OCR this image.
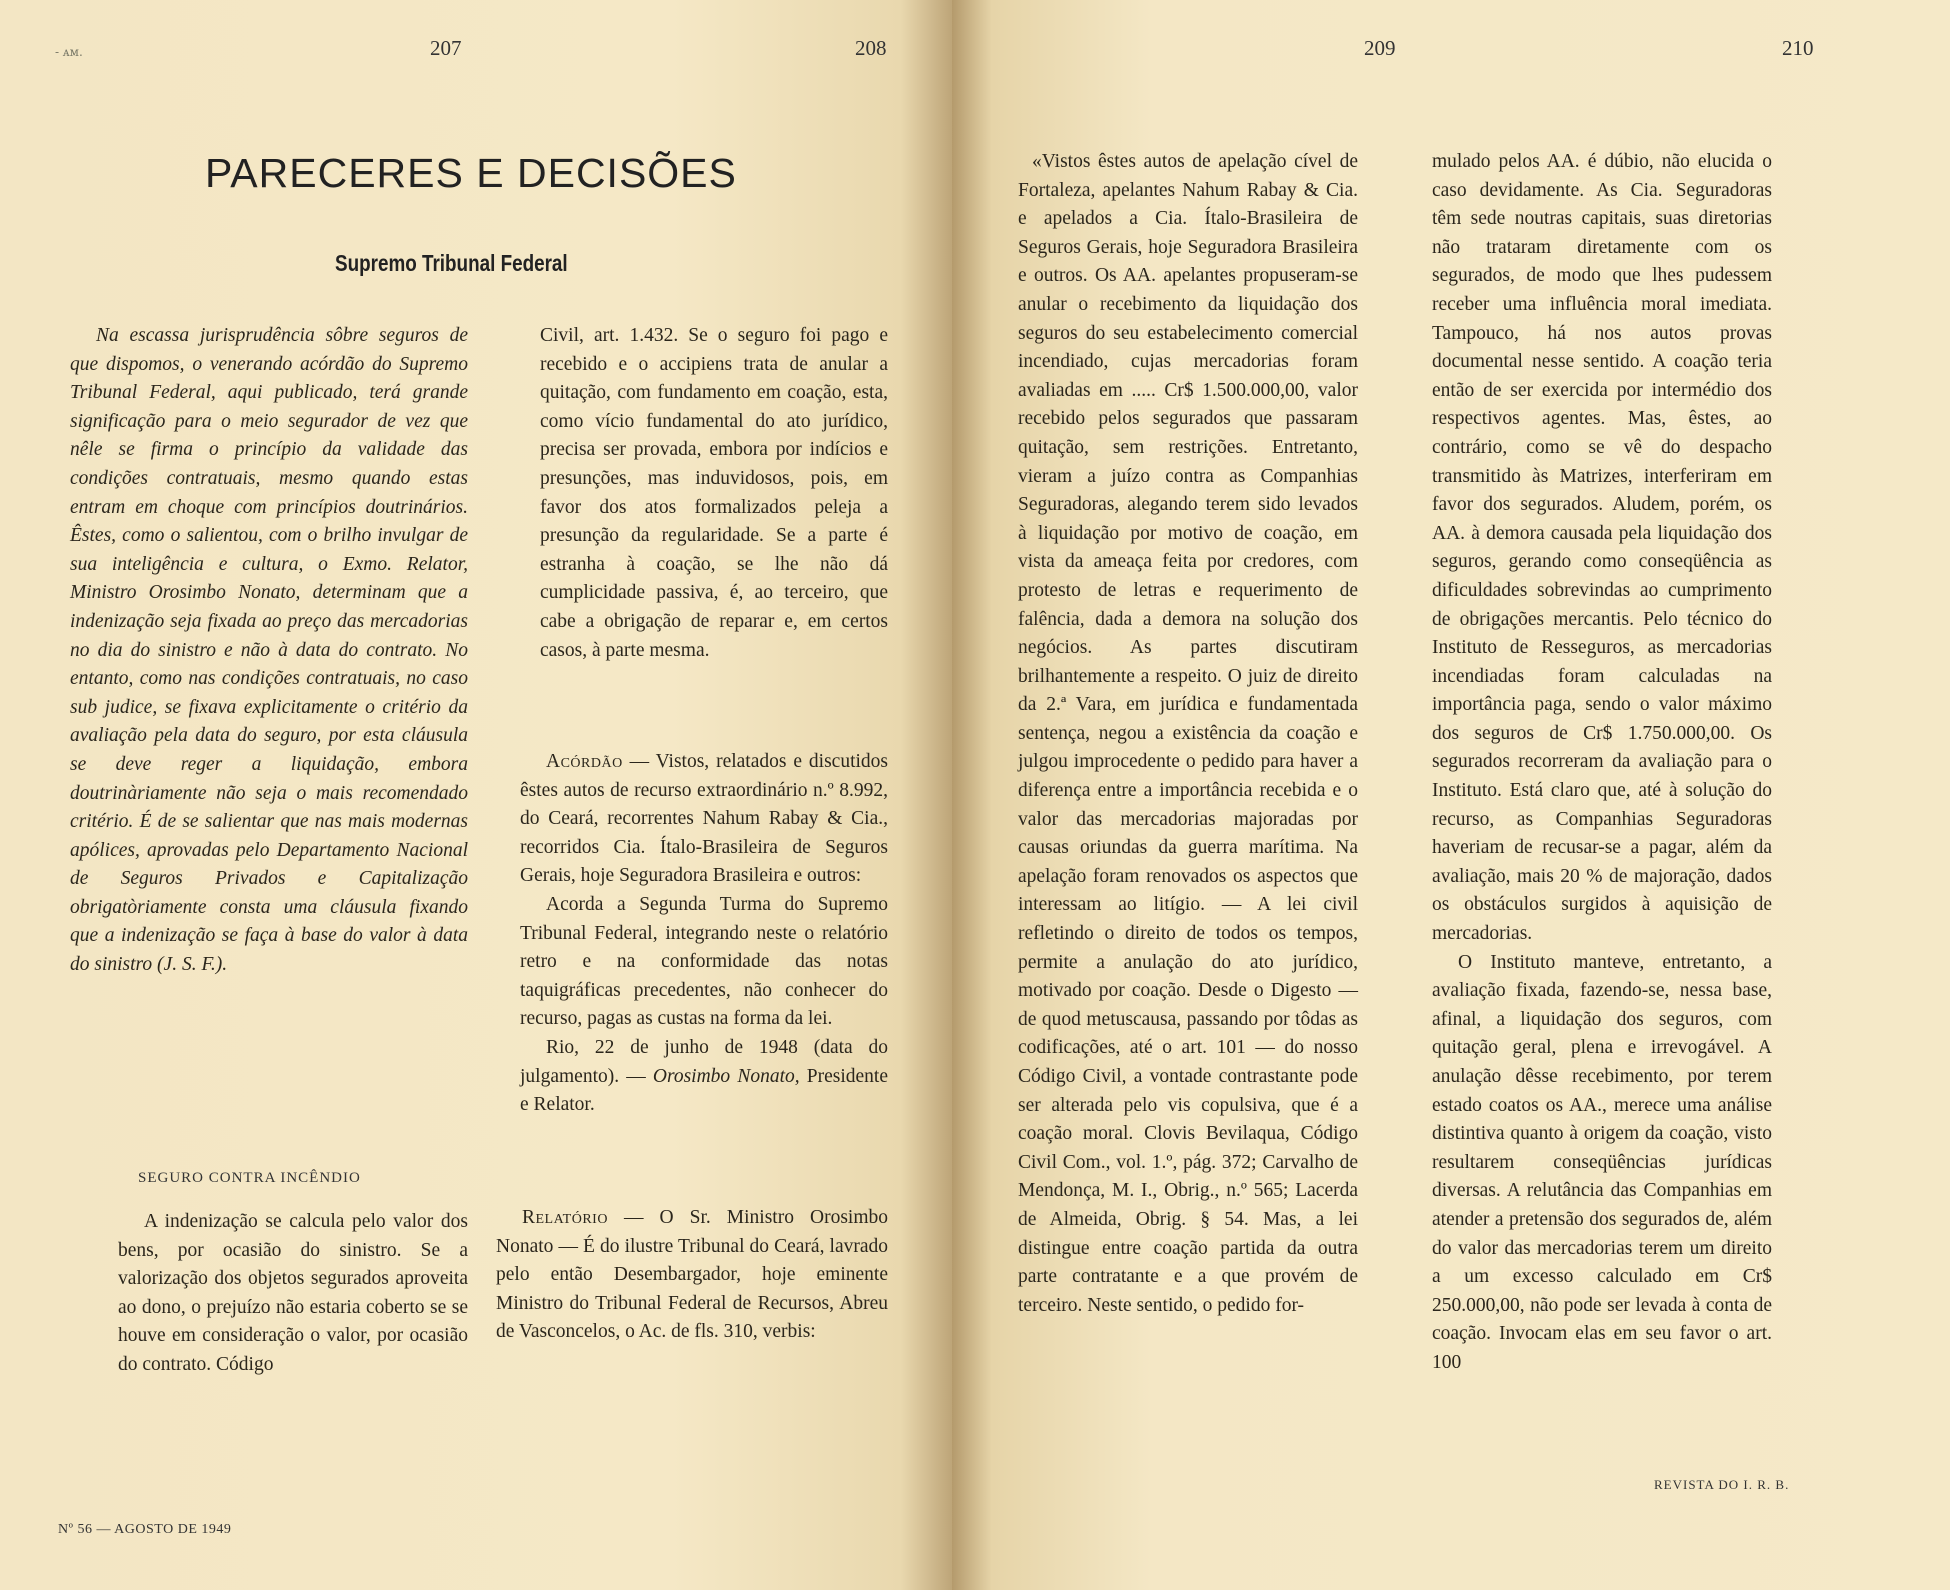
- ᴀᴍ.	207	208
PARECERES E DECISÕES
Supremo Tribunal Federal

Na escassa jurisprudência sôbre seguros de que dispomos, o venerando acórdão do Supremo Tribunal Federal, aqui publicado, terá grande significação para o meio segurador de vez que nêle se firma o princípio da validade das condições contratuais, mesmo quando estas entram em choque com princípios doutrinários. Êstes, como o salientou, com o brilho invulgar de sua inteligência e cultura, o Exmo. Relator, Ministro Orosimbo Nonato, determinam que a indenização seja fixada ao preço das mercadorias no dia do sinistro e não à data do contrato. No entanto, como nas condições contratuais, no caso sub judice, se fixava explicitamente o critério da avaliação pela data do seguro, por esta cláusula se deve reger a liquidação, embora doutrinàriamente não seja o mais recomendado critério. É de se salientar que nas mais modernas apólices, aprovadas pelo Departamento Nacional de Seguros Privados e Capitalização obrigatòriamente consta uma cláusula fixando que a indenização se faça à base do valor à data do sinistro (J. S. F.).

SEGURO CONTRA INCÊNDIO

A indenização se calcula pelo valor dos bens, por ocasião do sinistro. Se a valorização dos objetos segurados aproveita ao dono, o prejuízo não estaria coberto se se houve em consideração o valor, por ocasião do contrato. Código

Civil, art. 1.432. Se o seguro foi pago e recebido e o accipiens trata de anular a quitação, com fundamento em coação, esta, como vício fundamental do ato jurídico, precisa ser provada, embora por indícios e presunções, mas induvidosos, pois, em favor dos atos formalizados peleja a presunção da regularidade. Se a parte é estranha à coação, se lhe não dá cumplicidade passiva, é, ao terceiro, que cabe a obrigação de reparar e, em certos casos, à parte mesma.

Acórdão — Vistos, relatados e discutidos êstes autos de recurso extraordinário n.º 8.992, do Ceará, recorrentes Nahum Rabay & Cia., recorridos Cia. Ítalo-Brasileira de Seguros Gerais, hoje Seguradora Brasileira e outros:

Acorda a Segunda Turma do Supremo Tribunal Federal, integrando neste o relatório retro e na conformidade das notas taquigráficas precedentes, não conhecer do recurso, pagas as custas na forma da lei.

Rio, 22 de junho de 1948 (data do julgamento). — Orosimbo Nonato, Presidente e Relator.

Relatório — O Sr. Ministro Orosimbo Nonato — É do ilustre Tribunal do Ceará, lavrado pelo então Desembargador, hoje eminente Ministro do Tribunal Federal de Recursos, Abreu de Vasconcelos, o Ac. de fls. 310, verbis:

Nº 56 — AGOSTO DE 1949
209	210

«Vistos êstes autos de apelação cível de Fortaleza, apelantes Nahum Rabay & Cia. e apelados a Cia. Ítalo-Brasileira de Seguros Gerais, hoje Seguradora Brasileira e outros. Os AA. apelantes propuseram-se anular o recebimento da liquidação dos seguros do seu estabelecimento comercial incendiado, cujas mercadorias foram avaliadas em ..... Cr$ 1.500.000,00, valor recebido pelos segurados que passaram quitação, sem restrições. Entretanto, vieram a juízo contra as Companhias Seguradoras, alegando terem sido levados à liquidação por motivo de coação, em vista da ameaça feita por credores, com protesto de letras e requerimento de falência, dada a demora na solução dos negócios. As partes discutiram brilhantemente a respeito. O juiz de direito da 2.ª Vara, em jurídica e fundamentada sentença, negou a existência da coação e julgou improcedente o pedido para haver a diferença entre a importância recebida e o valor das mercadorias majoradas por causas oriundas da guerra marítima. Na apelação foram renovados os aspectos que interessam ao litígio. — A lei civil refletindo o direito de todos os tempos, permite a anulação do ato jurídico, motivado por coação. Desde o Digesto — de quod metuscausa, passando por tôdas as codificações, até o art. 101 — do nosso Código Civil, a vontade contrastante pode ser alterada pelo vis copulsiva, que é a coação moral. Clovis Bevilaqua, Código Civil Com., vol. 1.º, pág. 372; Carvalho de Mendonça, M. I., Obrig., n.º 565; Lacerda de Almeida, Obrig. § 54. Mas, a lei distingue entre coação partida da outra parte contratante e a que provém de terceiro. Neste sentido, o pedido for-

mulado pelos AA. é dúbio, não elucida o caso devidamente. As Cia. Seguradoras têm sede noutras capitais, suas diretorias não trataram diretamente com os segurados, de modo que lhes pudessem receber uma influência moral imediata. Tampouco, há nos autos provas documental nesse sentido. A coação teria então de ser exercida por intermédio dos respectivos agentes. Mas, êstes, ao contrário, como se vê do despacho transmitido às Matrizes, interferiram em favor dos segurados. Aludem, porém, os AA. à demora causada pela liquidação dos seguros, gerando como conseqüência as dificuldades sobrevindas ao cumprimento de obrigações mercantis. Pelo técnico do Instituto de Resseguros, as mercadorias incendiadas foram calculadas na importância paga, sendo o valor máximo dos seguros de Cr$ 1.750.000,00. Os segurados recorreram da avaliação para o Instituto. Está claro que, até à solução do recurso, as Companhias Seguradoras haveriam de recusar-se a pagar, além da avaliação, mais 20 % de majoração, dados os obstáculos surgidos à aquisição de mercadorias.

O Instituto manteve, entretanto, a avaliação fixada, fazendo-se, nessa base, afinal, a liquidação dos seguros, com quitação geral, plena e irrevogável. A anulação dêsse recebimento, por terem estado coatos os AA., merece uma análise distintiva quanto à origem da coação, visto resultarem conseqüências jurídicas diversas. A relutância das Companhias em atender a pretensão dos segurados de, além do valor das mercadorias terem um direito a um excesso calculado em Cr$ 250.000,00, não pode ser levada à conta de coação. Invocam elas em seu favor o art. 100

REVISTA DO I. R. B.
